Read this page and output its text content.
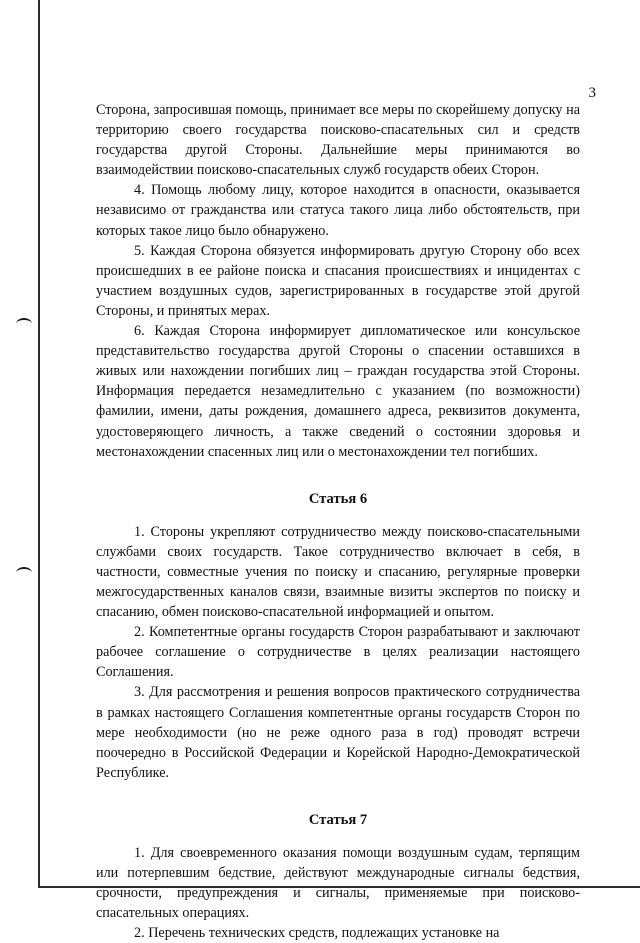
3

Сторона, запросившая помощь, принимает все меры по скорейшему допуску на территорию своего государства поисково-спасательных сил и средств государства другой Стороны. Дальнейшие меры принимаются во взаимодействии поисково-спасательных служб государств обеих Сторон.

4. Помощь любому лицу, которое находится в опасности, оказывается независимо от гражданства или статуса такого лица либо обстоятельств, при которых такое лицо было обнаружено.

5. Каждая Сторона обязуется информировать другую Сторону обо всех происшедших в ее районе поиска и спасания происшествиях и инцидентах с участием воздушных судов, зарегистрированных в государстве этой другой Стороны, и принятых мерах.

6. Каждая Сторона информирует дипломатическое или консульское представительство государства другой Стороны о спасении оставшихся в живых или нахождении погибших лиц – граждан государства этой Стороны. Информация передается незамедлительно с указанием (по возможности) фамилии, имени, даты рождения, домашнего адреса, реквизитов документа, удостоверяющего личность, а также сведений о состоянии здоровья и местонахождении спасенных лиц или о местонахождении тел погибших.

Статья 6

1. Стороны укрепляют сотрудничество между поисково-спасательными службами своих государств. Такое сотрудничество включает в себя, в частности, совместные учения по поиску и спасанию, регулярные проверки межгосударственных каналов связи, взаимные визиты экспертов по поиску и спасанию, обмен поисково-спасательной информацией и опытом.

2. Компетентные органы государств Сторон разрабатывают и заключают рабочее соглашение о сотрудничестве в целях реализации настоящего Соглашения.

3. Для рассмотрения и решения вопросов практического сотрудничества в рамках настоящего Соглашения компетентные органы государств Сторон по мере необходимости (но не реже одного раза в год) проводят встречи поочередно в Российской Федерации и Корейской Народно-Демократической Республике.

Статья 7

1. Для своевременного оказания помощи воздушным судам, терпящим или потерпевшим бедствие, действуют международные сигналы бедствия, срочности, предупреждения и сигналы, применяемые при поисково-спасательных операциях.

2. Перечень технических средств, подлежащих установке на
